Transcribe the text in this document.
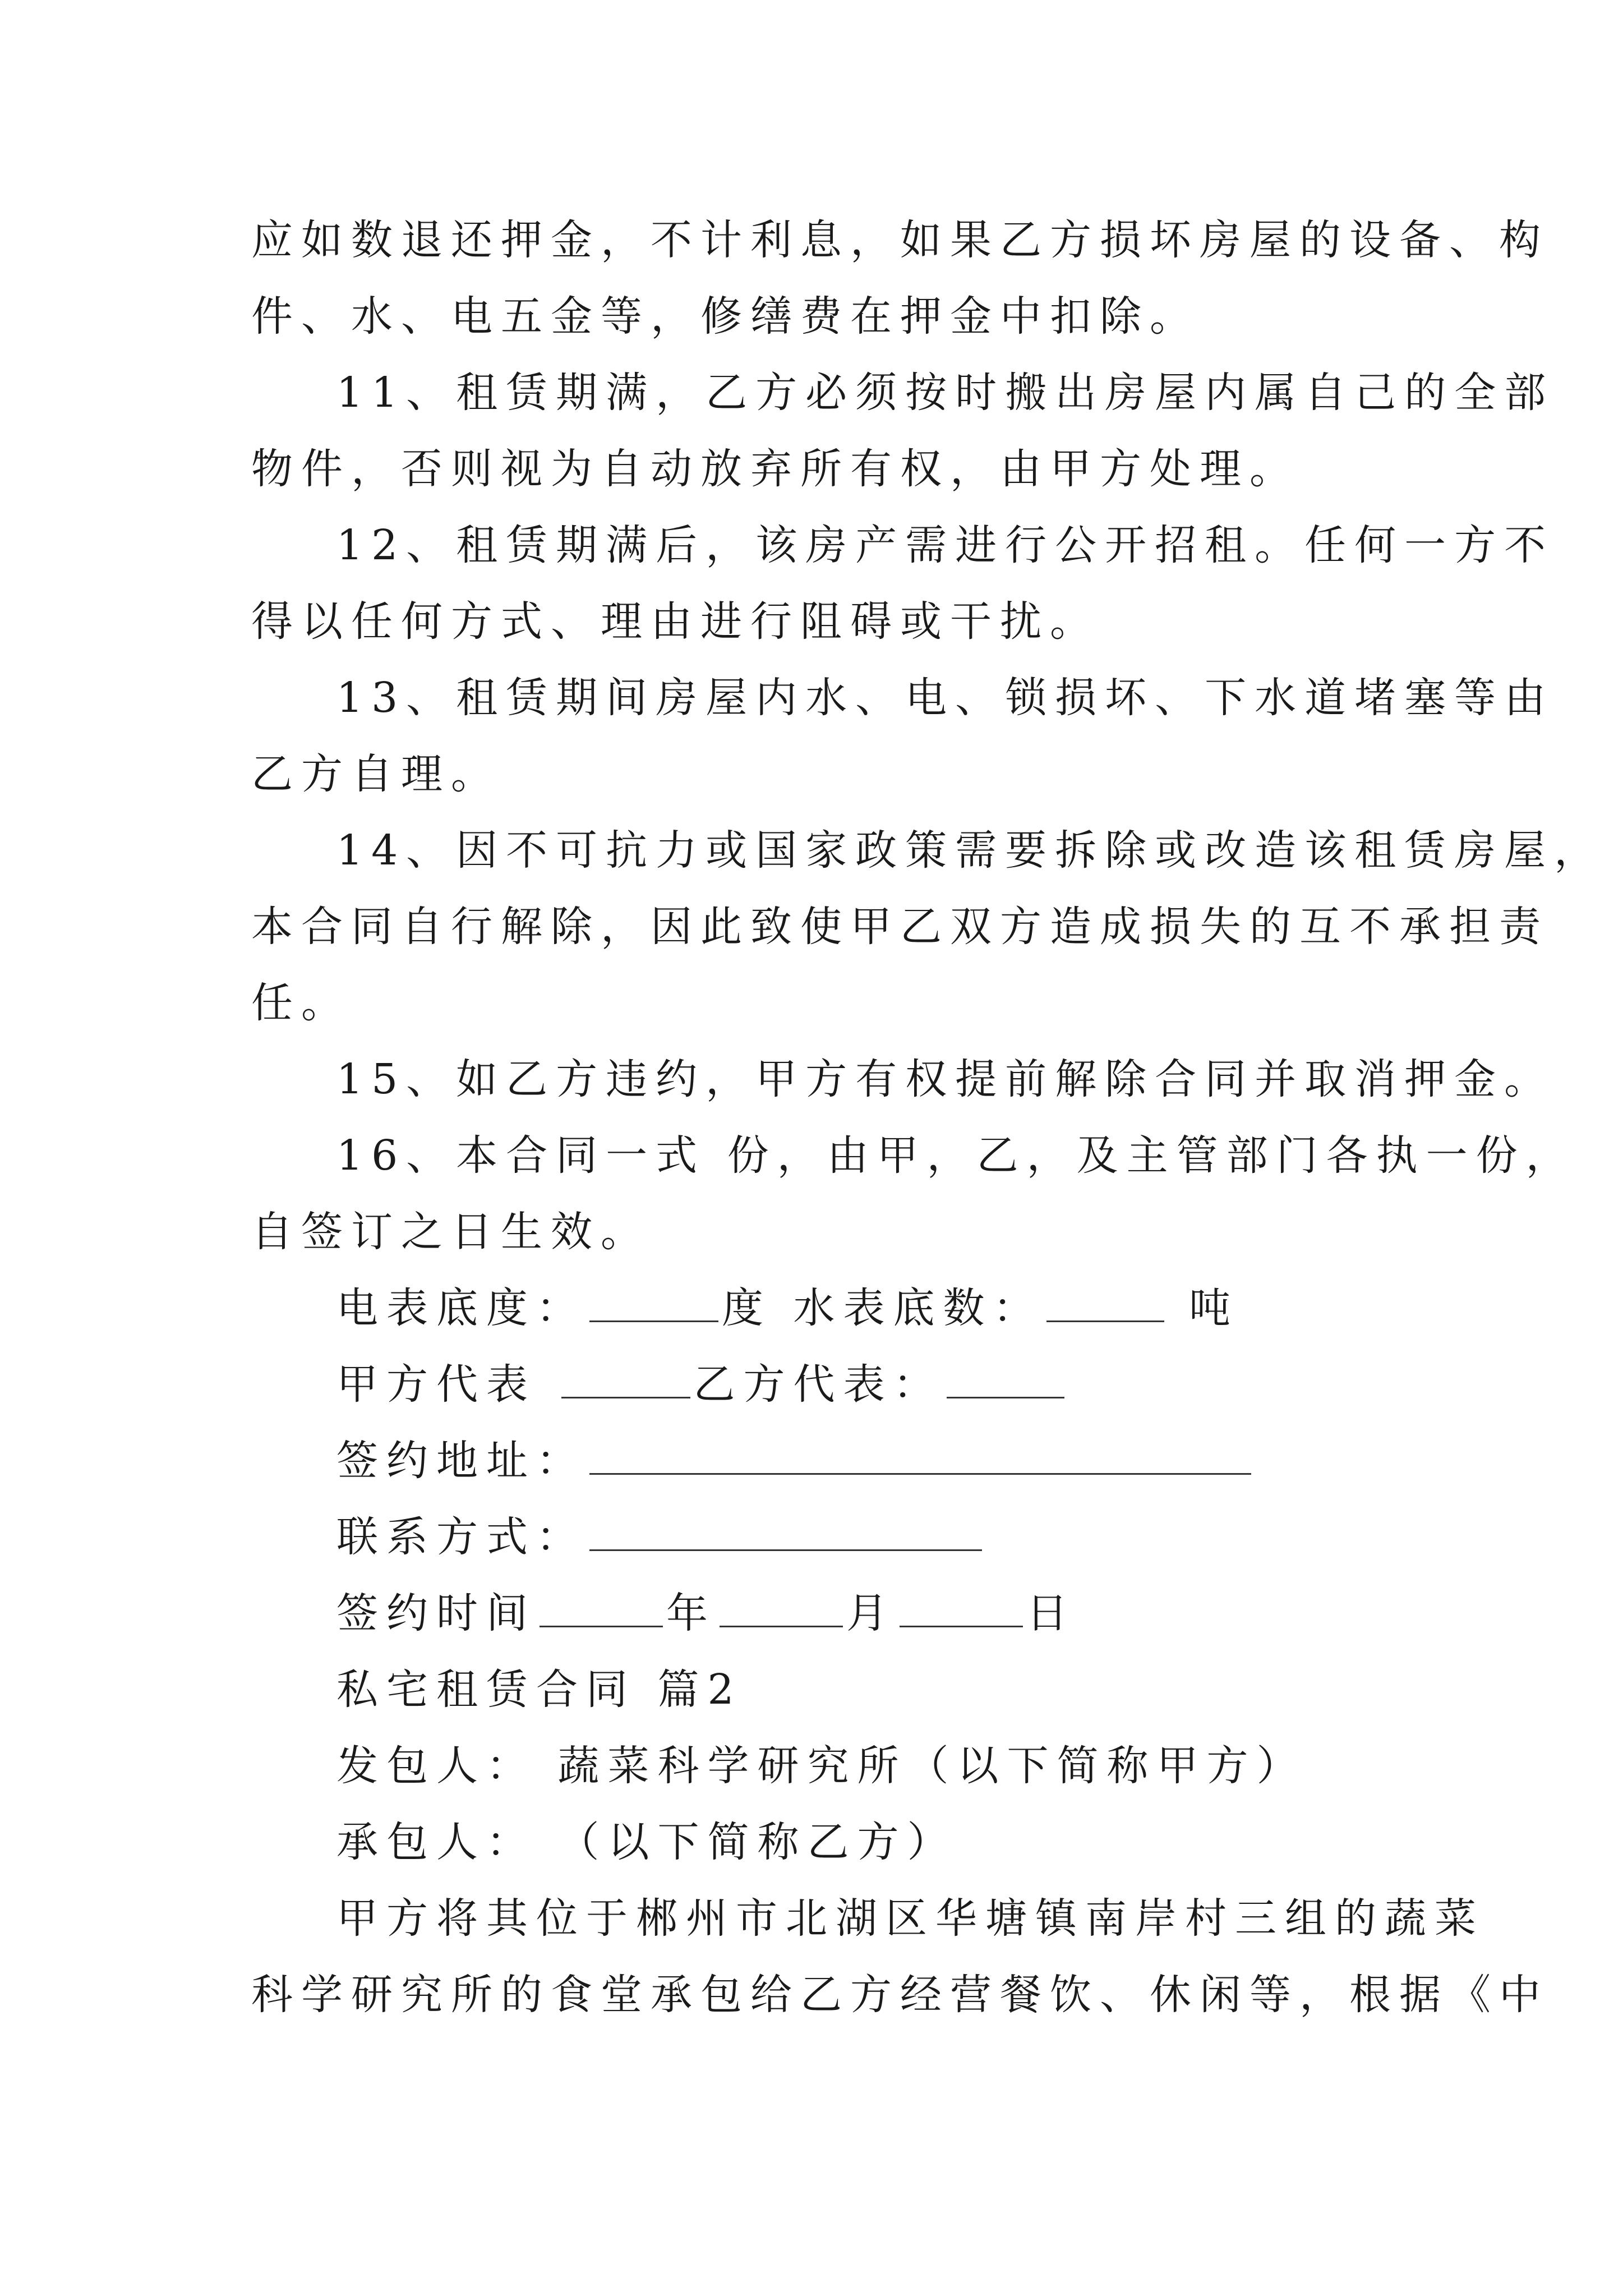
应如数退还押金，不计利息，如果乙方损坏房屋的设备、构
件、水、电五金等，修缮费在押金中扣除。
11、租赁期满，乙方必须按时搬出房屋内属自己的全部
物件，否则视为自动放弃所有权，由甲方处理。
12、租赁期满后，该房产需进行公开招租。任何一方不
得以任何方式、理由进行阻碍或干扰。
13、租赁期间房屋内水、电、锁损坏、下水道堵塞等由
乙方自理。
14、因不可抗力或国家政策需要拆除或改造该租赁房屋，
本合同自行解除，因此致使甲乙双方造成损失的互不承担责
任。
15、如乙方违约，甲方有权提前解除合同并取消押金。
16、本合同一式 份，由甲，乙，及主管部门各执一份，
自签订之日生效。
电表底度：	度 水表底数：	吨
甲方代表	乙方代表：
签约地址：
联系方式：
签约时间	年	月	日
私宅租赁合同 篇2
发包人： 蔬菜科学研究所（以下简称甲方）
承包人： （以下简称乙方）
甲方将其位于郴州市北湖区华塘镇南岸村三组的蔬菜
科学研究所的食堂承包给乙方经营餐饮、休闲等，根据《中
